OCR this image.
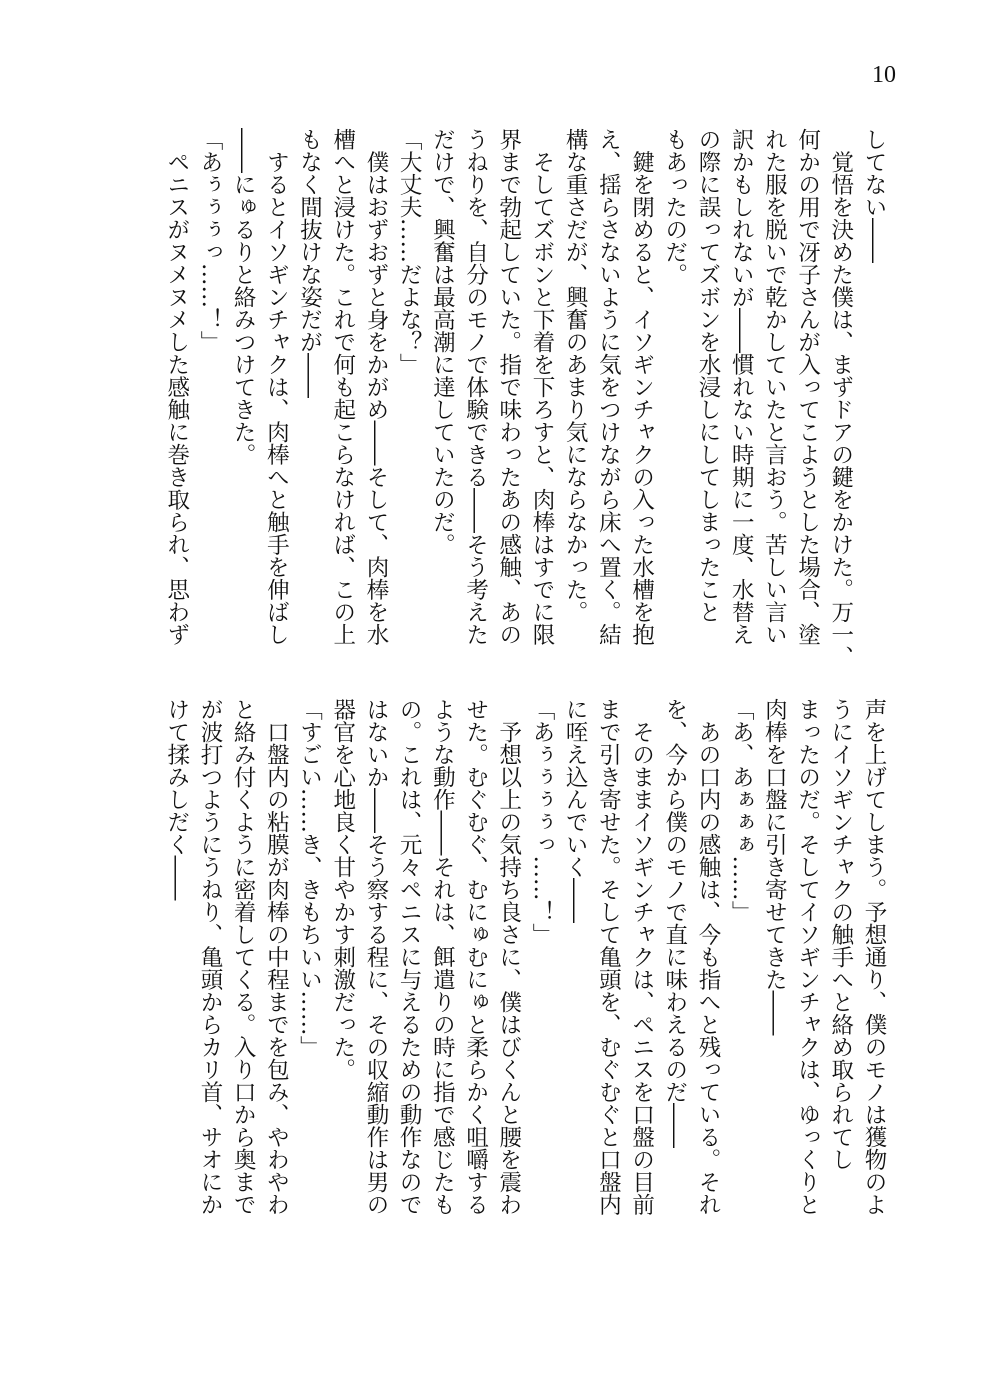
10
してない――
　覚悟を決めた僕は、まずドアの鍵をかけた。万一、
何かの用で冴子さんが入ってこようとした場合、塗
れた服を脱いで乾かしていたと言おう。苦しい言い
訳かもしれないが――慣れない時期に一度、水替え
の際に誤ってズボンを水浸しにしてしまったこと
もあったのだ。
　鍵を閉めると、イソギンチャクの入った水槽を抱
え、揺らさないように気をつけながら床へ置く。結
構な重さだが、興奮のあまり気にならなかった。
　そしてズボンと下着を下ろすと、肉棒はすでに限
界まで勃起していた。指で味わったあの感触、あの
うねりを、自分のモノで体験できる――そう考えた
だけで、興奮は最高潮に達していたのだ。
「大丈夫……だよな？」
　僕はおずおずと身をかがめ――そして、肉棒を水
槽へと浸けた。これで何も起こらなければ、この上
もなく間抜けな姿だが――
　するとイソギンチャクは、肉棒へと触手を伸ばし
――にゅるりと絡みつけてきた。
「あぅぅぅっ……！」
　ペニスがヌメヌメした感触に巻き取られ、思わず
声を上げてしまう。予想通り、僕のモノは獲物のよ
うにイソギンチャクの触手へと絡め取られてし
まったのだ。そしてイソギンチャクは、ゆっくりと
肉棒を口盤に引き寄せてきた――
「あ、あぁぁぁ……」
　あの口内の感触は、今も指へと残っている。それ
を、今から僕のモノで直に味わえるのだ――
　そのままイソギンチャクは、ペニスを口盤の目前
まで引き寄せた。そして亀頭を、むぐむぐと口盤内
に咥え込んでいく――
「あぅぅぅぅっ……！」
　予想以上の気持ち良さに、僕はびくんと腰を震わ
せた。むぐむぐ、むにゅむにゅと柔らかく咀嚼する
ような動作――それは、餌遣りの時に指で感じたも
の。これは、元々ペニスに与えるための動作なので
はないか――そう察する程に、その収縮動作は男の
器官を心地良く甘やかす刺激だった。
「すごい……き、きもちいい……」
　口盤内の粘膜が肉棒の中程までを包み、やわやわ
と絡み付くように密着してくる。入り口から奥まで
が波打つようにうねり、亀頭からカリ首、サオにか
けて揉みしだく――
